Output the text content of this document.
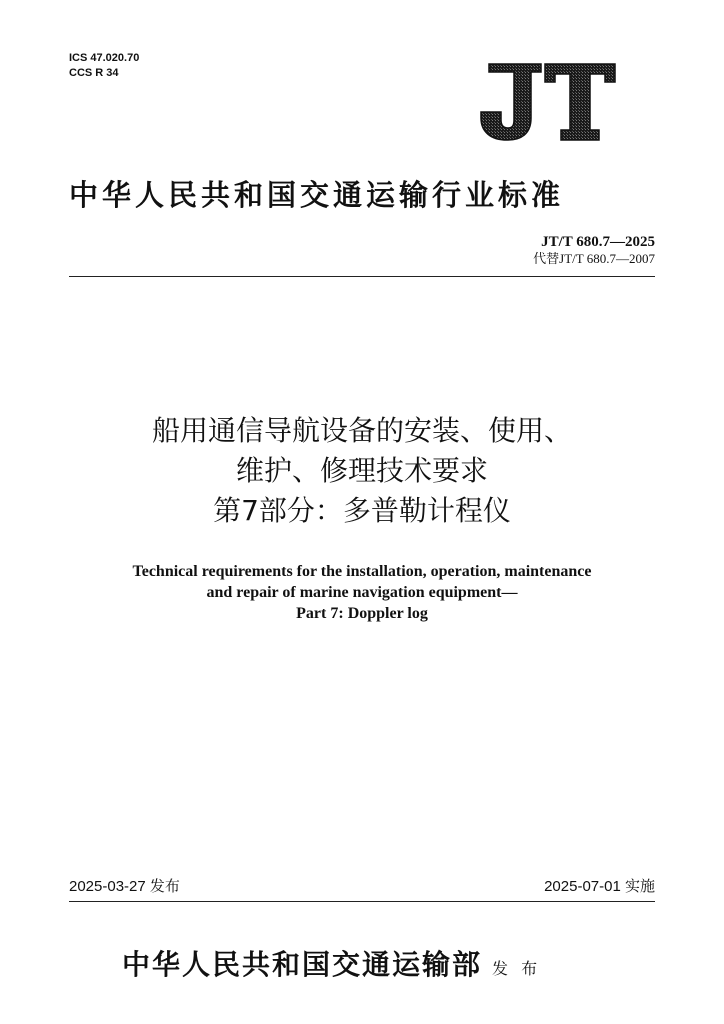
ICS 47.020.70
CCS R 34
中华人民共和国交通运输行业标准
JT/T 680.7—2025
代替JT/T 680.7—2007
船用通信导航设备的安装、使用、
维护、修理技术要求
第7部分：多普勒计程仪
Technical requirements for the installation, operation, maintenance
and repair of marine navigation equipment—
Part 7: Doppler log
2025-03-27 发布	2025-07-01 实施
中华人民共和国交通运输部 发 布
